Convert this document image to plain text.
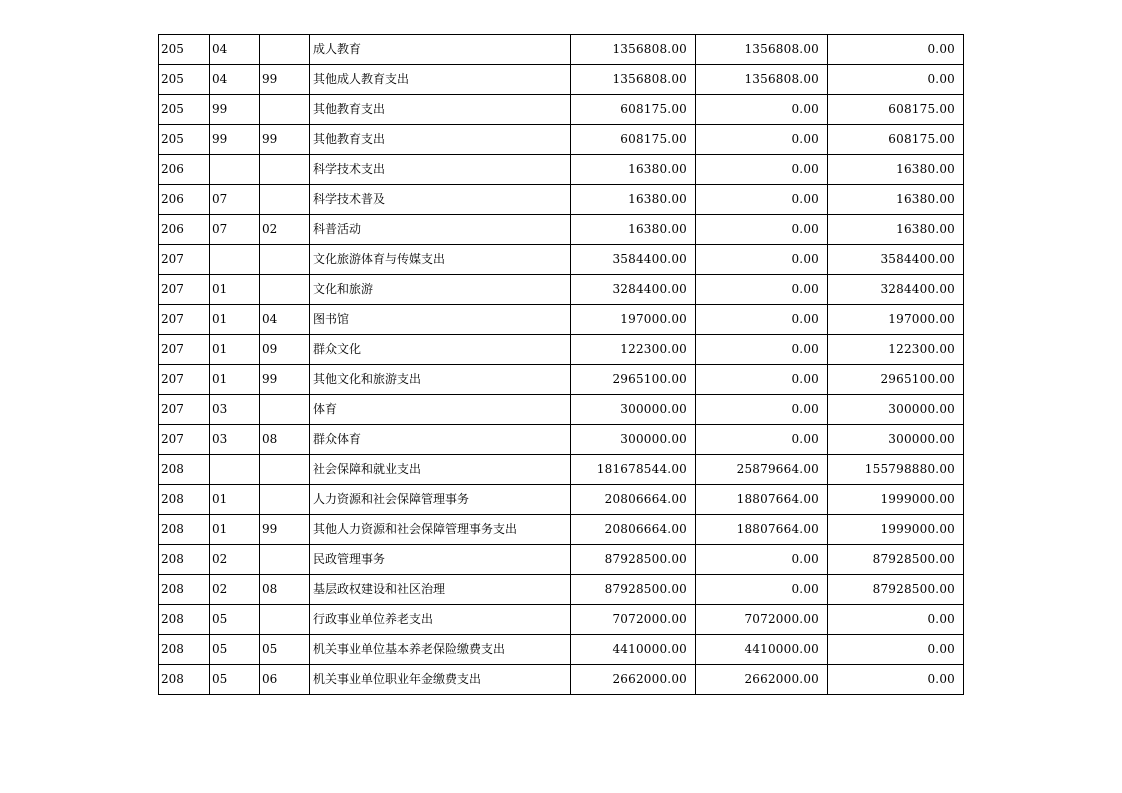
205	04		成人教育	1356808.00	1356808.00	0.00
205	04	99	其他成人教育支出	1356808.00	1356808.00	0.00
205	99		其他教育支出	608175.00	0.00	608175.00
205	99	99	其他教育支出	608175.00	0.00	608175.00
206			科学技术支出	16380.00	0.00	16380.00
206	07		科学技术普及	16380.00	0.00	16380.00
206	07	02	科普活动	16380.00	0.00	16380.00
207			文化旅游体育与传媒支出	3584400.00	0.00	3584400.00
207	01		文化和旅游	3284400.00	0.00	3284400.00
207	01	04	图书馆	197000.00	0.00	197000.00
207	01	09	群众文化	122300.00	0.00	122300.00
207	01	99	其他文化和旅游支出	2965100.00	0.00	2965100.00
207	03		体育	300000.00	0.00	300000.00
207	03	08	群众体育	300000.00	0.00	300000.00
208			社会保障和就业支出	181678544.00	25879664.00	155798880.00
208	01		人力资源和社会保障管理事务	20806664.00	18807664.00	1999000.00
208	01	99	其他人力资源和社会保障管理事务支出	20806664.00	18807664.00	1999000.00
208	02		民政管理事务	87928500.00	0.00	87928500.00
208	02	08	基层政权建设和社区治理	87928500.00	0.00	87928500.00
208	05		行政事业单位养老支出	7072000.00	7072000.00	0.00
208	05	05	机关事业单位基本养老保险缴费支出	4410000.00	4410000.00	0.00
208	05	06	机关事业单位职业年金缴费支出	2662000.00	2662000.00	0.00
